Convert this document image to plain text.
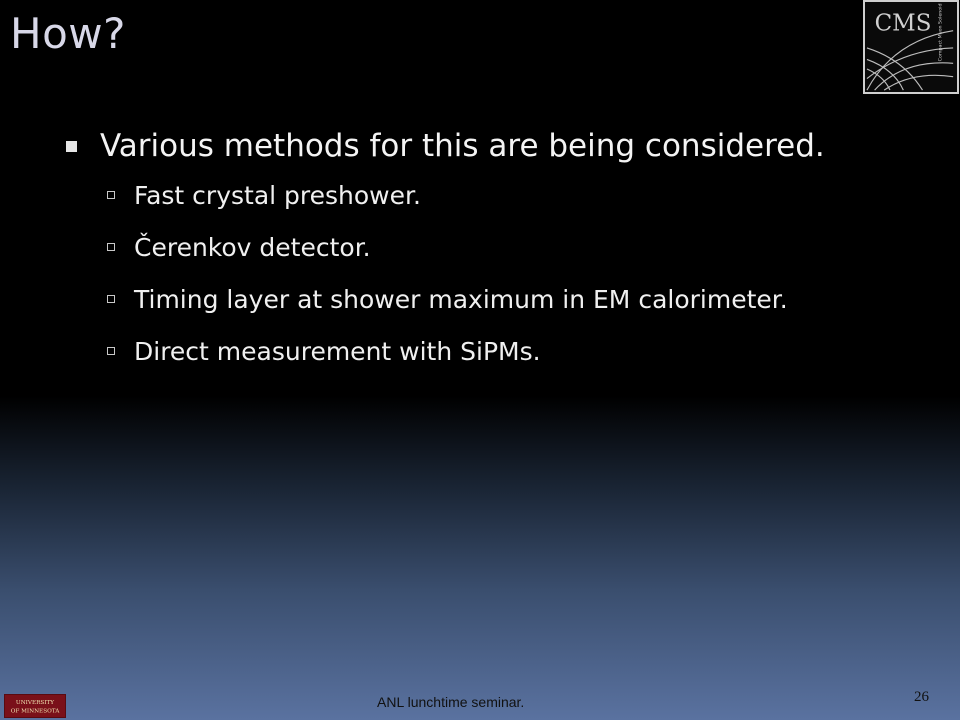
How?	CMS Compact Muon Solenoid
Various methods for this are being considered.
Fast crystal preshower.
Čerenkov detector.
Timing layer at shower maximum in EM calorimeter.
Direct measurement with SiPMs.
UNIVERSITY
OF MINNESOTA
ANL lunchtime seminar.	26
